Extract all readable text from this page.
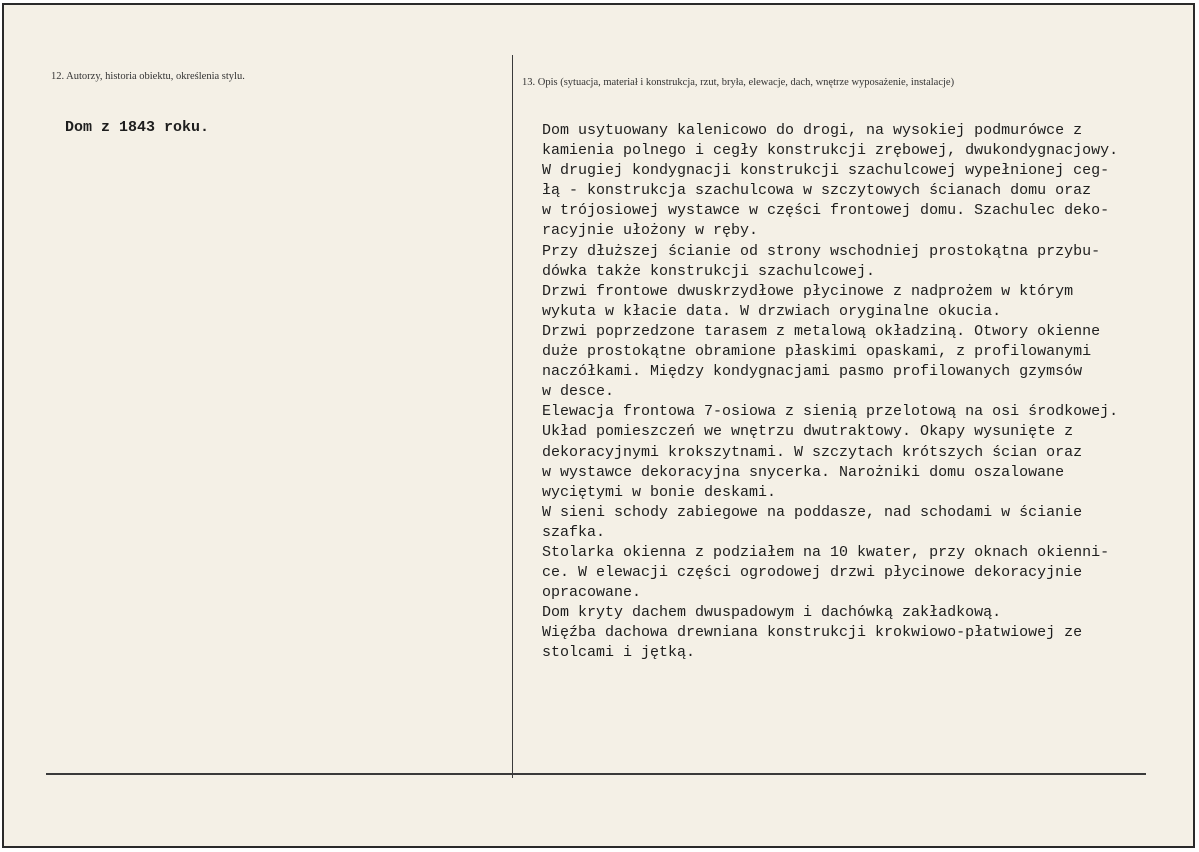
12. Autorzy, historia obiektu, określenia stylu.
Dom z 1843 roku.
13. Opis (sytuacja, materiał i konstrukcja, rzut, bryła, elewacje, dach, wnętrze wyposażenie, instalacje)
Dom usytuowany kalenicowo do drogi, na wysokiej podmurówce z
kamienia polnego i cegły konstrukcji zrębowej, dwukondygnacjowy.
W drugiej kondygnacji konstrukcji szachulcowej wypełnionej ceg-
łą - konstrukcja szachulcowa w szczytowych ścianach domu oraz
w trójosiowej wystawce w części frontowej domu. Szachulec deko-
racyjnie ułożony w ręby.
Przy dłuższej ścianie od strony wschodniej prostokątna przybu-
dówka także konstrukcji szachulcowej.
Drzwi frontowe dwuskrzydłowe płycinowe z nadprożem w którym
wykuta w kłacie data. W drzwiach oryginalne okucia.
Drzwi poprzedzone tarasem z metalową okładziną. Otwory okienne
duże prostokątne obramione płaskimi opaskami, z profilowanymi
naczółkami. Między kondygnacjami pasmo profilowanych gzymsów
w desce.
Elewacja frontowa 7-osiowa z sienią przelotową na osi środkowej.
Układ pomieszczeń we wnętrzu dwutraktowy. Okapy wysunięte z
dekoracyjnymi krokszytnami. W szczytach krótszych ścian oraz
w wystawce dekoracyjna snycerka. Narożniki domu oszalowane
wyciętymi w bonie deskami.
W sieni schody zabiegowe na poddasze, nad schodami w ścianie
szafka.
Stolarka okienna z podziałem na 10 kwater, przy oknach okienni-
ce. W elewacji części ogrodowej drzwi płycinowe dekoracyjnie
opracowane.
Dom kryty dachem dwuspadowym i dachówką zakładkową.
Więźba dachowa drewniana konstrukcji krokwiowo-płatwiowej ze
stolcami i jętką.
